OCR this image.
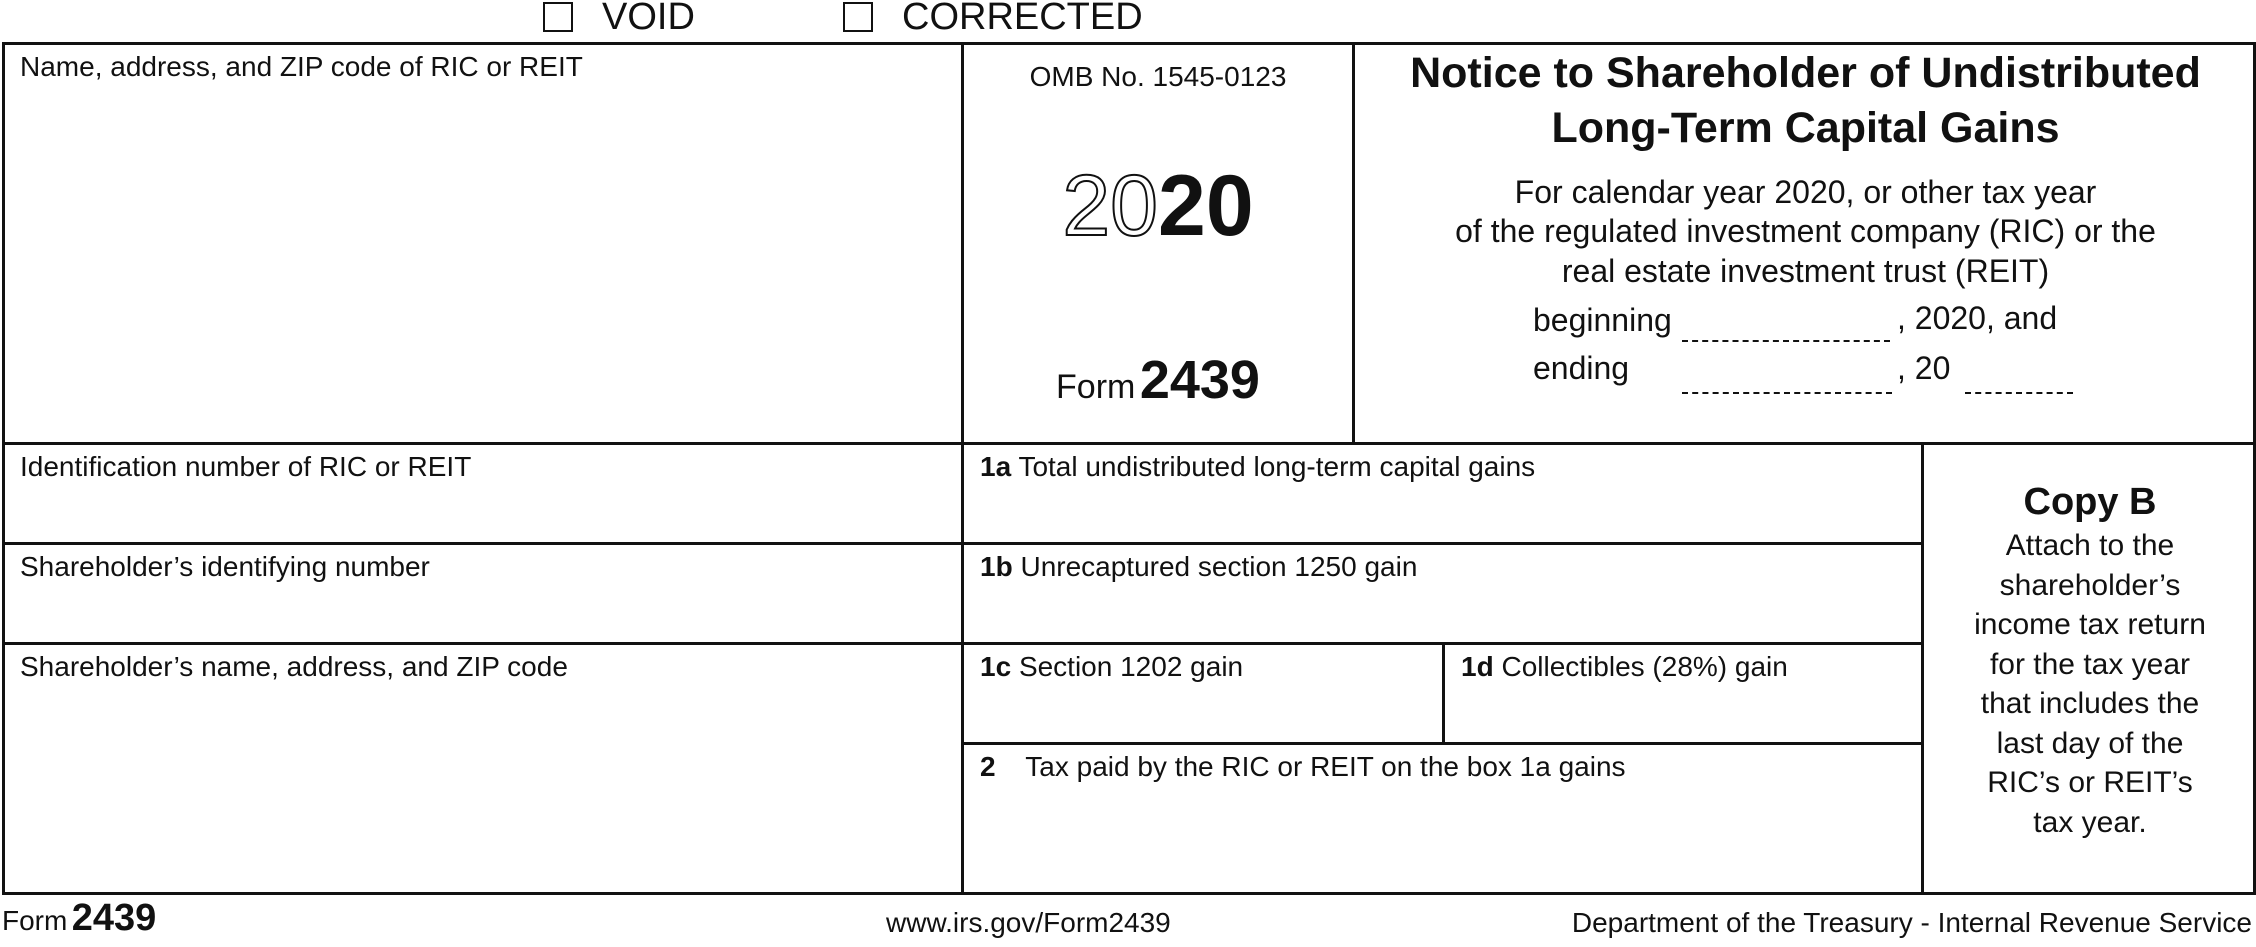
VOID	CORRECTED
Name, address, and ZIP code of RIC or REIT
Identification number of RIC or REIT
Shareholder’s identifying number
Shareholder’s name, address, and ZIP code
OMB No. 1545-0123
2020
Form 2439
Notice to Shareholder of Undistributed
Long-Term Capital Gains
For calendar year 2020, or other tax year
of the regulated investment company (RIC) or the
real estate investment trust (REIT)
beginning	, 2020, and
ending	, 20
1a Total undistributed long-term capital gains
1b Unrecaptured section 1250 gain
1c Section 1202 gain	1d Collectibles (28%) gain
2 Tax paid by the RIC or REIT on the box 1a gains
Copy B
Attach to the
shareholder’s
income tax return
for the tax year
that includes the
last day of the
RIC’s or REIT’s
tax year.
Form 2439	www.irs.gov/Form2439	Department of the Treasury - Internal Revenue Service
